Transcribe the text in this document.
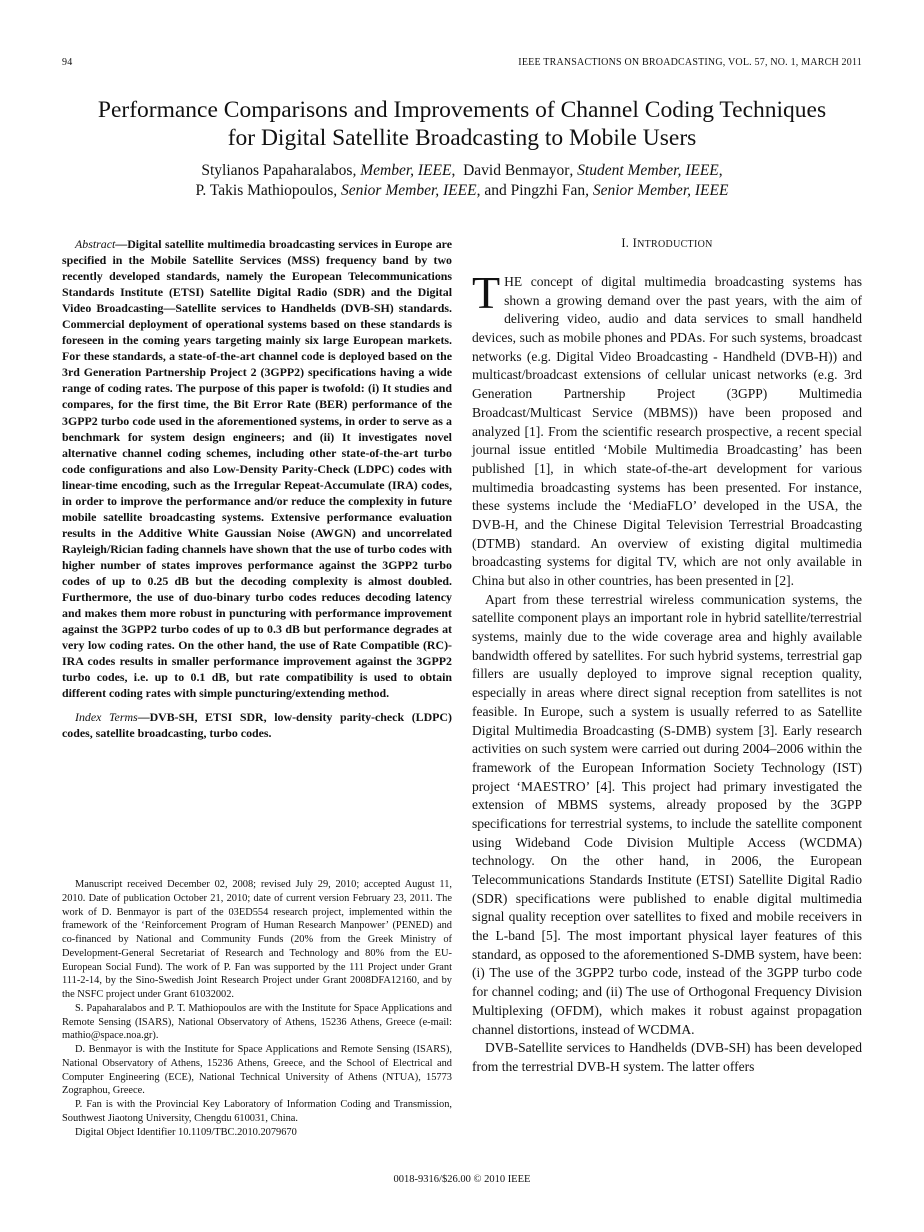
94	IEEE TRANSACTIONS ON BROADCASTING, VOL. 57, NO. 1, MARCH 2011
Performance Comparisons and Improvements of Channel Coding Techniques
for Digital Satellite Broadcasting to Mobile Users
Stylianos Papaharalabos, Member, IEEE,  David Benmayor, Student Member, IEEE,
P. Takis Mathiopoulos, Senior Member, IEEE, and Pingzhi Fan, Senior Member, IEEE

Abstract—Digital satellite multimedia broadcasting services in Europe are specified in the Mobile Satellite Services (MSS) frequency band by two recently developed standards, namely the European Telecommunications Standards Institute (ETSI) Satellite Digital Radio (SDR) and the Digital Video Broadcasting—Satellite services to Handhelds (DVB-SH) standards. Commercial deployment of operational systems based on these standards is foreseen in the coming years targeting mainly six large European markets. For these standards, a state-of-the-art channel code is deployed based on the 3rd Generation Partnership Project 2 (3GPP2) specifications having a wide range of coding rates. The purpose of this paper is twofold: (i) It studies and compares, for the first time, the Bit Error Rate (BER) performance of the 3GPP2 turbo code used in the aforementioned systems, in order to serve as a benchmark for system design engineers; and (ii) It investigates novel alternative channel coding schemes, including other state-of-the-art turbo code configurations and also Low-Density Parity-Check (LDPC) codes with linear-time encoding, such as the Irregular Repeat-Accumulate (IRA) codes, in order to improve the performance and/or reduce the complexity in future mobile satellite broadcasting systems. Extensive performance evaluation results in the Additive White Gaussian Noise (AWGN) and uncorrelated Rayleigh/Rician fading channels have shown that the use of turbo codes with higher number of states improves performance against the 3GPP2 turbo codes of up to 0.25 dB but the decoding complexity is almost doubled. Furthermore, the use of duo-binary turbo codes reduces decoding latency and makes them more robust in puncturing with performance improvement against the 3GPP2 turbo codes of up to 0.3 dB but performance degrades at very low coding rates. On the other hand, the use of Rate Compatible (RC)-IRA codes results in smaller performance improvement against the 3GPP2 turbo codes, i.e. up to 0.1 dB, but rate compatibility is used to obtain different coding rates with simple puncturing/extending method.

Index Terms—DVB-SH, ETSI SDR, low-density parity-check (LDPC) codes, satellite broadcasting, turbo codes.

Manuscript received December 02, 2008; revised July 29, 2010; accepted August 11, 2010. Date of publication October 21, 2010; date of current version February 23, 2011. The work of D. Benmayor is part of the 03ED554 research project, implemented within the framework of the ‘Reinforcement Program of Human Research Manpower’ (PENED) and co-financed by National and Community Funds (20% from the Greek Ministry of Development-General Secretariat of Research and Technology and 80% from the EU-European Social Fund). The work of P. Fan was supported by the 111 Project under Grant 111-2-14, by the Sino-Swedish Joint Research Project under Grant 2008DFA12160, and by the NSFC project under Grant 61032002.

S. Papaharalabos and P. T. Mathiopoulos are with the Institute for Space Applications and Remote Sensing (ISARS), National Observatory of Athens, 15236 Athens, Greece (e-mail: mathio@space.noa.gr).

D. Benmayor is with the Institute for Space Applications and Remote Sensing (ISARS), National Observatory of Athens, 15236 Athens, Greece, and the School of Electrical and Computer Engineering (ECE), National Technical University of Athens (NTUA), 15773 Zographou, Greece.

P. Fan is with the Provincial Key Laboratory of Information Coding and Transmission, Southwest Jiaotong University, Chengdu 610031, China.

Digital Object Identifier 10.1109/TBC.2010.2079670

I. INTRODUCTION

THE concept of digital multimedia broadcasting systems has shown a growing demand over the past years, with the aim of delivering video, audio and data services to small handheld devices, such as mobile phones and PDAs. For such systems, broadcast networks (e.g. Digital Video Broadcasting - Handheld (DVB-H)) and multicast/broadcast extensions of cellular unicast networks (e.g. 3rd Generation Partnership Project (3GPP) Multimedia Broadcast/Multicast Service (MBMS)) have been proposed and analyzed [1]. From the scientific research prospective, a recent special journal issue entitled ‘Mobile Multimedia Broadcasting’ has been published [1], in which state-of-the-art development for various multimedia broadcasting systems has been presented. For instance, these systems include the ‘MediaFLO’ developed in the USA, the DVB-H, and the Chinese Digital Television Terrestrial Broadcasting (DTMB) standard. An overview of existing digital multimedia broadcasting systems for digital TV, which are not only available in China but also in other countries, has been presented in [2].

Apart from these terrestrial wireless communication systems, the satellite component plays an important role in hybrid satellite/terrestrial systems, mainly due to the wide coverage area and highly available bandwidth offered by satellites. For such hybrid systems, terrestrial gap fillers are usually deployed to improve signal reception quality, especially in areas where direct signal reception from satellites is not feasible. In Europe, such a system is usually referred to as Satellite Digital Multimedia Broadcasting (S-DMB) system [3]. Early research activities on such system were carried out during 2004–2006 within the framework of the European Information Society Technology (IST) project ‘MAESTRO’ [4]. This project had primary investigated the extension of MBMS systems, already proposed by the 3GPP specifications for terrestrial systems, to include the satellite component using Wideband Code Division Multiple Access (WCDMA) technology. On the other hand, in 2006, the European Telecommunications Standards Institute (ETSI) Satellite Digital Radio (SDR) specifications were published to enable digital multimedia signal quality reception over satellites to fixed and mobile receivers in the L-band [5]. The most important physical layer features of this standard, as opposed to the aforementioned S-DMB system, have been: (i) The use of the 3GPP2 turbo code, instead of the 3GPP turbo code for channel coding; and (ii) The use of Orthogonal Frequency Division Multiplexing (OFDM), which makes it robust against propagation channel distortions, instead of WCDMA.

DVB-Satellite services to Handhelds (DVB-SH) has been developed from the terrestrial DVB-H system. The latter offers

0018-9316/$26.00 © 2010 IEEE
